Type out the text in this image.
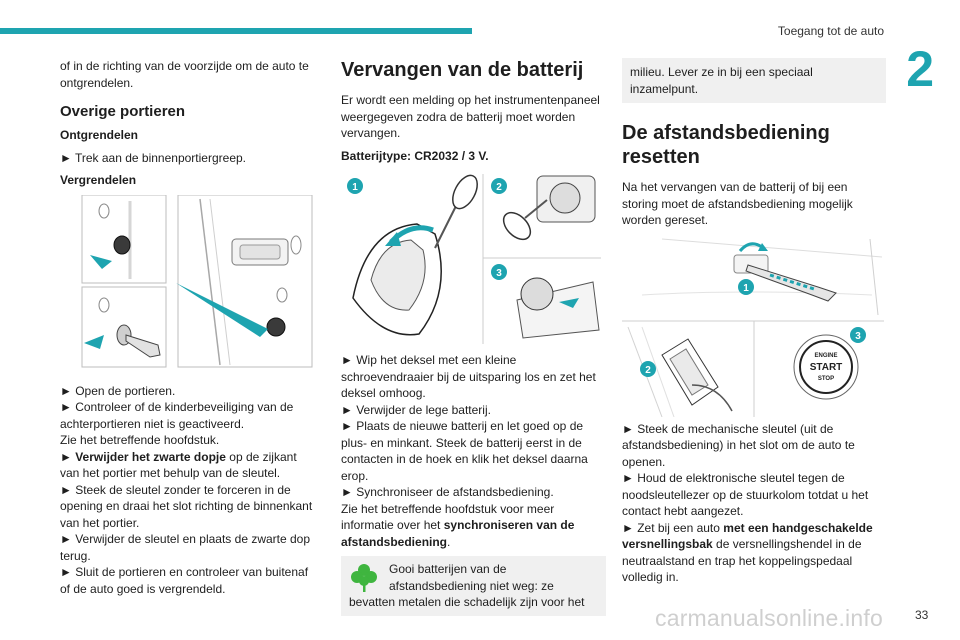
Toegang tot de auto
2

of in de richting van de voorzijde om de auto te ontgrendelen.

Overige portieren
Ontgrendelen

► Trek aan de binnenportiergreep.

Vergrendelen

► Open de portieren.

► Controleer of de kinderbeveiliging van de achterportieren niet is geactiveerd.

Zie het betreffende hoofdstuk.

► Verwijder het zwarte dopje op de zijkant van het portier met behulp van de sleutel.

► Steek de sleutel zonder te forceren in de opening en draai het slot richting de binnenkant van het portier.

► Verwijder de sleutel en plaats de zwarte dop terug.

► Sluit de portieren en controleer van buitenaf of de auto goed is vergrendeld.

Vervangen van de batterij

Er wordt een melding op het instrumentenpaneel weergegeven zodra de batterij moet worden vervangen.

Batterijtype: CR2032 / 3 V.

1	2
3

► Wip het deksel met een kleine schroevendraaier bij de uitsparing los en zet het deksel omhoog.

► Verwijder de lege batterij.

► Plaats de nieuwe batterij en let goed op de plus- en minkant. Steek de batterij eerst in de contacten in de hoek en klik het deksel daarna erop.

► Synchroniseer de afstandsbediening.

Zie het betreffende hoofdstuk voor meer informatie over het synchroniseren van de afstandsbediening.

Gooi batterijen van de afstandsbediening niet weg: ze

bevatten metalen die schadelijk zijn voor het

milieu. Lever ze in bij een speciaal inzamelpunt.

De afstandsbediening resetten

Na het vervangen van de batterij of bij een storing moet de afstandsbediening mogelijk worden gereset.

ENGINE
START
STOP
1
2
3

► Steek de mechanische sleutel (uit de afstandsbediening) in het slot om de auto te openen.

► Houd de elektronische sleutel tegen de noodsleutellezer op de stuurkolom totdat u het contact hebt aangezet.

► Zet bij een auto met een handgeschakelde versnellingsbak de versnellingshendel in de neutraalstand en trap het koppelingspedaal volledig in.

carmanualsonline.info	33
